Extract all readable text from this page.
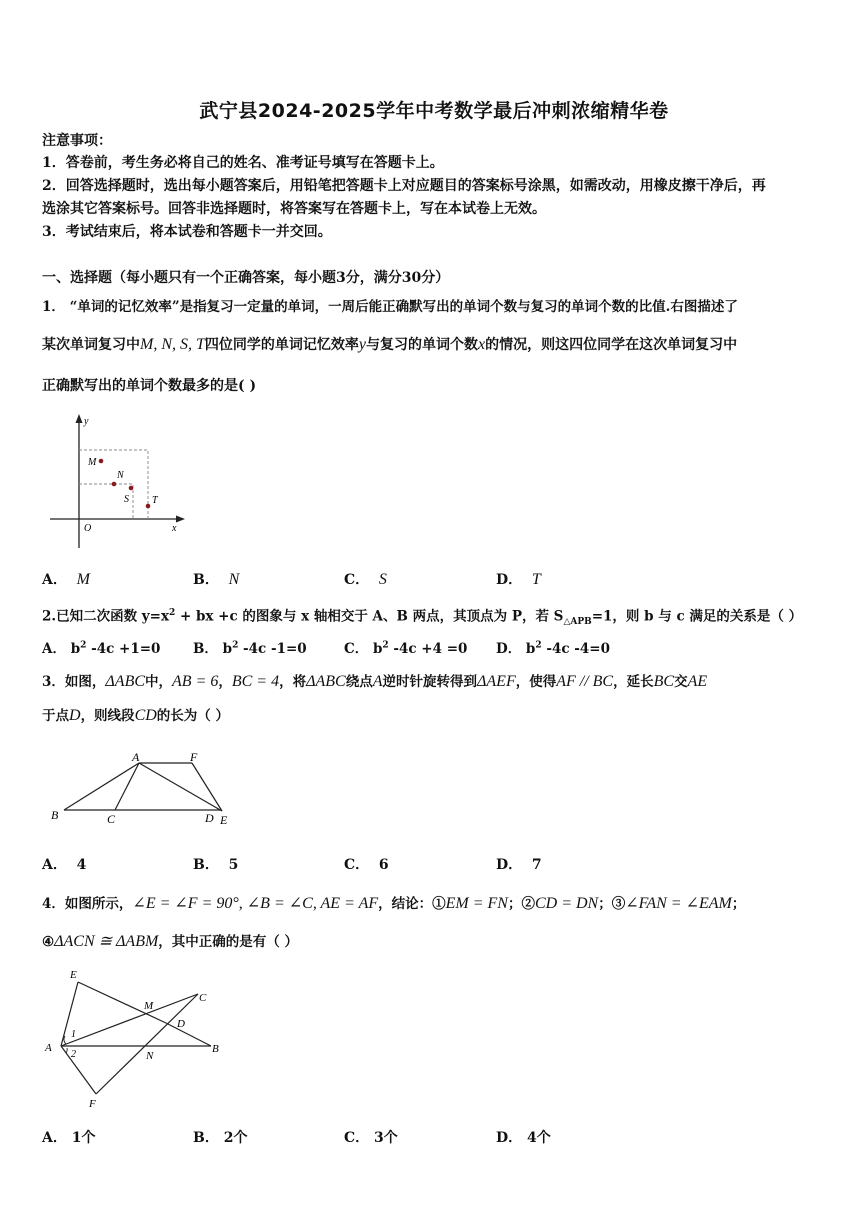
武宁县2024-2025学年中考数学最后冲刺浓缩精华卷
注意事项：
1．答卷前，考生务必将自己的姓名、准考证号填写在答题卡上。
2．回答选择题时，选出每小题答案后，用铅笔把答题卡上对应题目的答案标号涂黑，如需改动，用橡皮擦干净后，再
选涂其它答案标号。回答非选择题时，将答案写在答题卡上，写在本试卷上无效。
3．考试结束后，将本试卷和答题卡一并交回。
一、选择题（每小题只有一个正确答案，每小题3分，满分30分）
1． “单词的记忆效率”是指复习一定量的单词，一周后能正确默写出的单词个数与复习的单词个数的比值.右图描述了
某次单词复习中M, N, S, T四位同学的单词记忆效率y与复习的单词个数x的情况，则这四位同学在这次单词复习中
正确默写出的单词个数最多的是( )
y
x
O
M
N
S T
A． M	B． N	C． S	D． T
2.已知二次函数 $y=x^2$ + bx +c 的图象与 x 轴相交于 A、B 两点，其顶点为 P，若 $S_{\triangle APB}=1$，则 b 与 c 满足的关系是（ ）
A． $b^2$ -4c +1=0 B． $b^2$ -4c -1=0	C． $b^2$ -4c +4 =0 D． $b^2$ -4c -4=0
3．如图，ΔABC中，AB = 6，BC = 4，将ΔABC绕点A逆时针旋转得到ΔAEF，使得AF // BC，延长BC交AE
于点D，则线段CD的长为（ ）
A	F
B	C	D E
A． 4	B． 5	C． 6	D． 7
4．如图所示，∠E = ∠F = 90°, ∠B = ∠C, AE = AF，结论：①EM = FN；②CD = DN；③∠FAN = ∠EAM；
④ΔACN ≅ ΔABM，其中正确的是有（ ）
E
M
C
D
A
1
2	N
B
F
A． 1个	B． 2个	C． 3个	D． 4个
